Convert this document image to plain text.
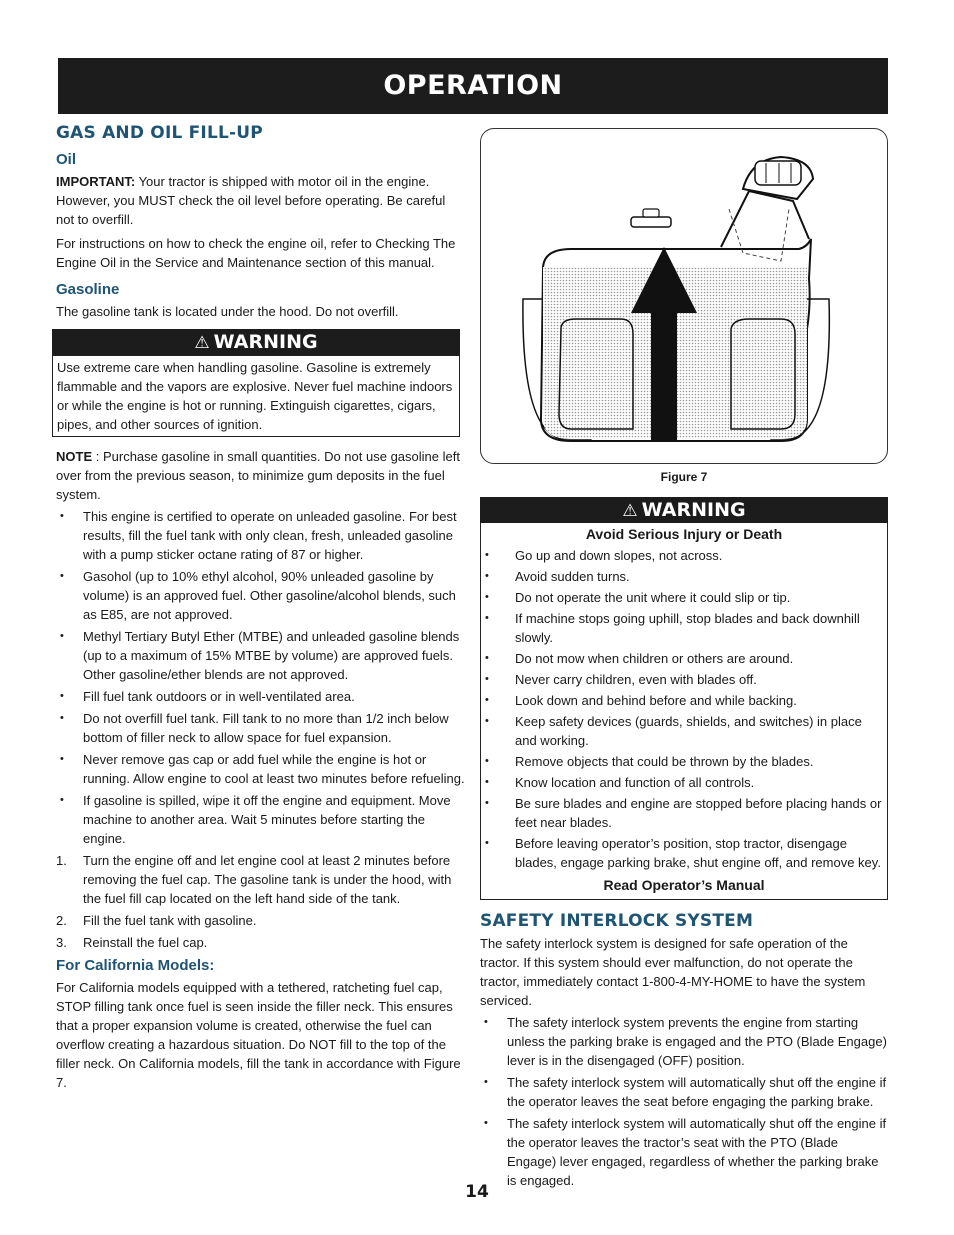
OPERATION
GAS AND OIL FILL-UP
Oil

IMPORTANT: Your tractor is shipped with motor oil in the engine. However, you MUST check the oil level before operating. Be careful not to overfill.

For instructions on how to check the engine oil, refer to Checking The Engine Oil in the Service and Maintenance section of this manual.

Gasoline

The gasoline tank is located under the hood. Do not overfill.

⚠ WARNING
Use extreme care when handling gasoline. Gasoline is extremely flammable and the vapors are explosive. Never fuel machine indoors or while the engine is hot or running. Extinguish cigarettes, cigars, pipes, and other sources of ignition.

NOTE : Purchase gasoline in small quantities. Do not use gasoline left over from the previous season, to minimize gum deposits in the fuel system.

• This engine is certified to operate on unleaded gasoline. For best results, fill the fuel tank with only clean, fresh, unleaded gasoline with a pump sticker octane rating of 87 or higher.
• Gasohol (up to 10% ethyl alcohol, 90% unleaded gasoline by volume) is an approved fuel. Other gasoline/alcohol blends, such as E85, are not approved.
• Methyl Tertiary Butyl Ether (MTBE) and unleaded gasoline blends (up to a maximum of 15% MTBE by volume) are approved fuels. Other gasoline/ether blends are not approved.
• Fill fuel tank outdoors or in well-ventilated area.
• Do not overfill fuel tank. Fill tank to no more than 1/2 inch below bottom of filler neck to allow space for fuel expansion.
• Never remove gas cap or add fuel while the engine is hot or running. Allow engine to cool at least two minutes before refueling.
• If gasoline is spilled, wipe it off the engine and equipment. Move machine to another area. Wait 5 minutes before starting the engine.
1. Turn the engine off and let engine cool at least 2 minutes before removing the fuel cap. The gasoline tank is under the hood, with the fuel fill cap located on the left hand side of the tank.
2. Fill the fuel tank with gasoline.
3. Reinstall the fuel cap.
For California Models:

For California models equipped with a tethered, ratcheting fuel cap, STOP filling tank once fuel is seen inside the filler neck. This ensures that a proper expansion volume is created, otherwise the fuel can overflow creating a hazardous situation. Do NOT fill to the top of the filler neck. On California models, fill the tank in accordance with Figure 7.

Figure 7
⚠ WARNING
Avoid Serious Injury or Death
• Go up and down slopes, not across.
• Avoid sudden turns.
• Do not operate the unit where it could slip or tip.
• If machine stops going uphill, stop blades and back downhill slowly.
• Do not mow when children or others are around.
• Never carry children, even with blades off.
• Look down and behind before and while backing.
• Keep safety devices (guards, shields, and switches) in place and working.
• Remove objects that could be thrown by the blades.
• Know location and function of all controls.
• Be sure blades and engine are stopped before placing hands or feet near blades.
• Before leaving operator’s position, stop tractor, disengage blades, engage parking brake, shut engine off, and remove key.
Read Operator’s Manual
SAFETY INTERLOCK SYSTEM

The safety interlock system is designed for safe operation of the tractor. If this system should ever malfunction, do not operate the tractor, immediately contact 1-800-4-MY-HOME to have the system serviced.

• The safety interlock system prevents the engine from starting unless the parking brake is engaged and the PTO (Blade Engage) lever is in the disengaged (OFF) position.
• The safety interlock system will automatically shut off the engine if the operator leaves the seat before engaging the parking brake.
• The safety interlock system will automatically shut off the engine if the operator leaves the tractor’s seat with the PTO (Blade Engage) lever engaged, regardless of whether the parking brake is engaged.
14
